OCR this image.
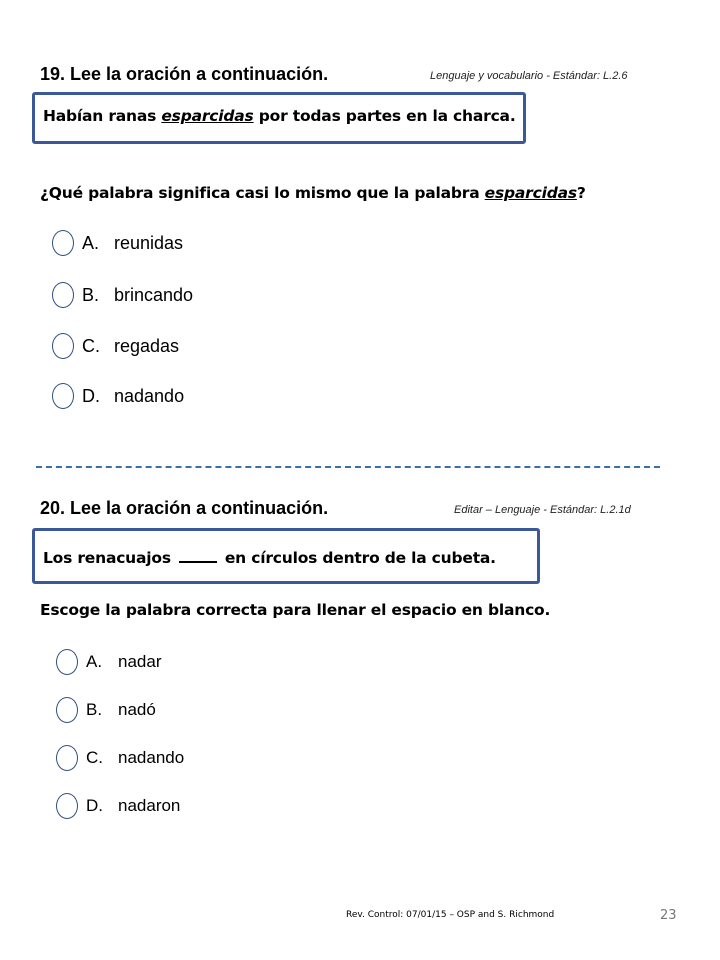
19. Lee la oración a continuación.	Lenguaje y vocabulario - Estándar: L.2.6
Habían ranas esparcidas por todas partes en la charca.
¿Qué palabra significa casi lo mismo que la palabra esparcidas?
A. reunidas
B. brincando
C. regadas
D. nadando
20. Lee la oración a continuación.	Editar – Lenguaje - Estándar: L.2.1d
Los renacuajos	en círculos dentro de la cubeta.
Escoge la palabra correcta para llenar el espacio en blanco.
A. nadar
B. nadó
C. nadando
D. nadaron
Rev. Control: 07/01/15 – OSP and S. Richmond	23
